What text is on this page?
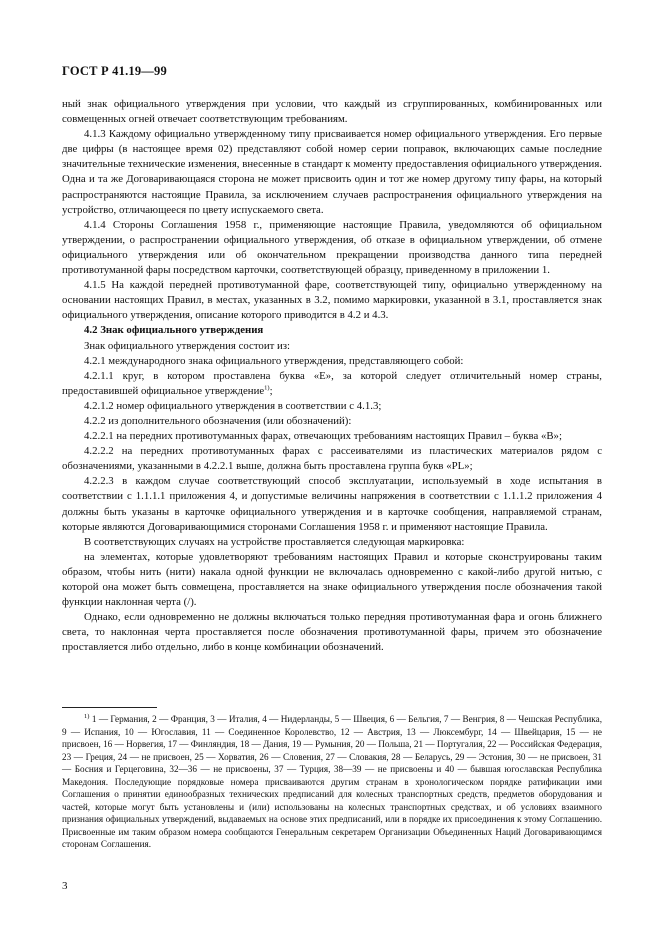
ГОСТ Р 41.19—99

ный знак официального утверждения при условии, что каждый из сгруппированных, комбинированных или совмещенных огней отвечает соответствующим требованиям.

4.1.3 Каждому официально утвержденному типу присваивается номер официального утверждения. Его первые две цифры (в настоящее время 02) представляют собой номер серии поправок, включающих самые последние значительные технические изменения, внесенные в стандарт к моменту предоставления официального утверждения. Одна и та же Договаривающаяся сторона не может присвоить один и тот же номер другому типу фары, на который распространяются настоящие Правила, за исключением случаев распространения официального утверждения на устройство, отличающееся по цвету испускаемого света.

4.1.4 Стороны Соглашения 1958 г., применяющие настоящие Правила, уведомляются об официальном утверждении, о распространении официального утверждения, об отказе в официальном утверждении, об отмене официального утверждения или об окончательном прекращении производства данного типа передней противотуманной фары посредством карточки, соответствующей образцу, приведенному в приложении 1.

4.1.5 На каждой передней противотуманной фаре, соответствующей типу, официально утвержденному на основании настоящих Правил, в местах, указанных в 3.2, помимо маркировки, указанной в 3.1, проставляется знак официального утверждения, описание которого приводится в 4.2 и 4.3.

4.2 Знак официального утверждения

Знак официального утверждения состоит из:

4.2.1 международного знака официального утверждения, представляющего собой:

4.2.1.1 круг, в котором проставлена буква «Е», за которой следует отличительный номер страны, предоставившей официальное утверждение$^{1)}$;

4.2.1.2 номер официального утверждения в соответствии с 4.1.3;

4.2.2 из дополнительного обозначения (или обозначений):

4.2.2.1 на передних противотуманных фарах, отвечающих требованиям настоящих Правил – буква «В»;

4.2.2.2 на передних противотуманных фарах с рассеивателями из пластических материалов рядом с обозначениями, указанными в 4.2.2.1 выше, должна быть проставлена группа букв «PL»;

4.2.2.3 в каждом случае соответствующий способ эксплуатации, используемый в ходе испытания в соответствии с 1.1.1.1 приложения 4, и допустимые величины напряжения в соответствии с 1.1.1.2 приложения 4 должны быть указаны в карточке официального утверждения и в карточке сообщения, направляемой странам, которые являются Договаривающимися сторонами Соглашения 1958 г. и применяют настоящие Правила.

В соответствующих случаях на устройстве проставляется следующая маркировка:

на элементах, которые удовлетворяют требованиям настоящих Правил и которые сконструированы таким образом, чтобы нить (нити) накала одной функции не включалась одновременно с какой-либо другой нитью, с которой она может быть совмещена, проставляется на знаке официального утверждения после обозначения такой функции наклонная черта (/).

Однако, если одновременно не должны включаться только передняя противотуманная фара и огонь ближнего света, то наклонная черта проставляется после обозначения противотуманной фары, причем это обозначение проставляется либо отдельно, либо в конце комбинации обозначений.

$^{1)}$ 1 — Германия, 2 — Франция, 3 — Италия, 4 — Нидерланды, 5 — Швеция, 6 — Бельгия, 7 — Венгрия, 8 — Чешская Республика, 9 — Испания, 10 — Югославия, 11 — Соединенное Королевство, 12 — Австрия, 13 — Люксембург, 14 — Швейцария, 15 — не присвоен, 16 — Норвегия, 17 — Финляндия, 18 — Дания, 19 — Румыния, 20 — Польша, 21 — Португалия, 22 — Российская Федерация, 23 — Греция, 24 — не присвоен, 25 — Хорватия, 26 — Словения, 27 — Словакия, 28 — Беларусь, 29 — Эстония, 30 — не присвоен, 31 — Босния и Герцеговина, 32—36 — не присвоены, 37 — Турция, 38—39 — не присвоены и 40 — бывшая югославская Республика Македония. Последующие порядковые номера присваиваются другим странам в хронологическом порядке ратификации ими Соглашения о принятии единообразных технических предписаний для колесных транспортных средств, предметов оборудования и частей, которые могут быть установлены и (или) использованы на колесных транспортных средствах, и об условиях взаимного признания официальных утверждений, выдаваемых на основе этих предписаний, или в порядке их присоединения к этому Соглашению. Присвоенные им таким образом номера сообщаются Генеральным секретарем Организации Объединенных Наций Договаривающимся сторонам Соглашения.

3
